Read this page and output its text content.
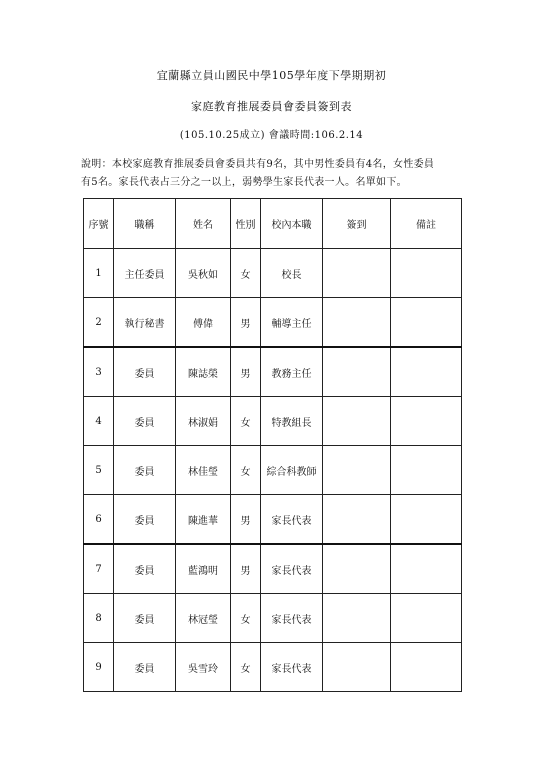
宜蘭縣立員山國民中學105學年度下學期期初
家庭教育推展委員會委員簽到表
(105.10.25成立) 會議時間:106.2.14
說明：本校家庭教育推展委員會委員共有9名，其中男性委員有4名，女性委員
有5名。家長代表占三分之一以上，弱勢學生家長代表一人。名單如下。
序號	職稱	姓名	性別	校內本職	簽到	備註
1	主任委員	吳秋如	女	校長		
2	執行秘書	傅偉	男	輔導主任		
3	委員	陳誌榮	男	教務主任		
4	委員	林淑娟	女	特教組長		
5	委員	林佳瑩	女	綜合科教師		
6	委員	陳進華	男	家長代表		
7	委員	藍鴻明	男	家長代表		
8	委員	林冠瑩	女	家長代表		
9	委員	吳雪玲	女	家長代表		
